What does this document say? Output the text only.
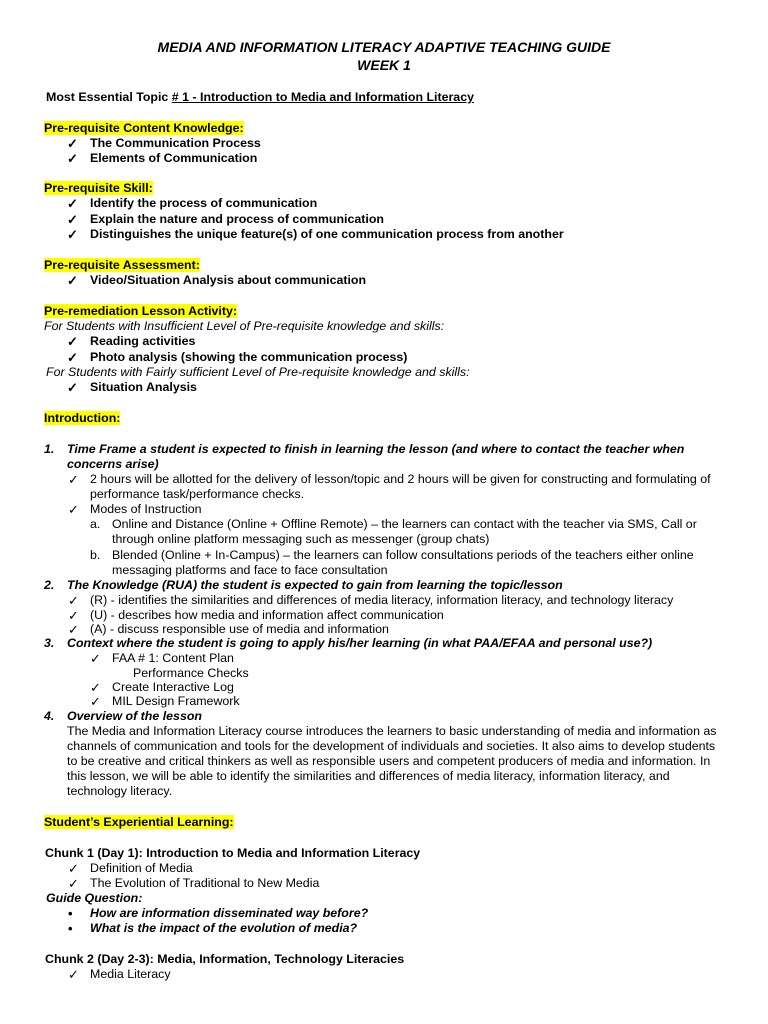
MEDIA AND INFORMATION LITERACY ADAPTIVE TEACHING GUIDE
WEEK 1
Most Essential Topic # 1 - Introduction to Media and Information Literacy
Pre-requisite Content Knowledge:
✓ The Communication Process
✓ Elements of Communication
Pre-requisite Skill:
✓ Identify the process of communication
✓ Explain the nature and process of communication
✓ Distinguishes the unique feature(s) of one communication process from another
Pre-requisite Assessment:
✓ Video/Situation Analysis about communication
Pre-remediation Lesson Activity:
For Students with Insufficient Level of Pre-requisite knowledge and skills:
✓ Reading activities
✓ Photo analysis (showing the communication process)
For Students with Fairly sufficient Level of Pre-requisite knowledge and skills:
✓ Situation Analysis
Introduction:
1. Time Frame a student is expected to finish in learning the lesson (and where to contact the teacher when
concerns arise)
✓ 2 hours will be allotted for the delivery of lesson/topic and 2 hours will be given for constructing and formulating of
performance task/performance checks.
✓ Modes of Instruction
a. Online and Distance (Online + Offline Remote) – the learners can contact with the teacher via SMS, Call or
through online platform messaging such as messenger (group chats)
b. Blended (Online + In-Campus) – the learners can follow consultations periods of the teachers either online
messaging platforms and face to face consultation
2. The Knowledge (RUA) the student is expected to gain from learning the topic/lesson
✓ (R) - identifies the similarities and differences of media literacy, information literacy, and technology literacy
✓ (U) - describes how media and information affect communication
✓ (A) - discuss responsible use of media and information
3. Context where the student is going to apply his/her learning (in what PAA/EFAA and personal use?)
✓ FAA # 1: Content Plan
Performance Checks
✓ Create Interactive Log
✓ MIL Design Framework
4. Overview of the lesson
The Media and Information Literacy course introduces the learners to basic understanding of media and information as
channels of communication and tools for the development of individuals and societies. It also aims to develop students
to be creative and critical thinkers as well as responsible users and competent producers of media and information. In
this lesson, we will be able to identify the similarities and differences of media literacy, information literacy, and
technology literacy.
Student’s Experiential Learning:
Chunk 1 (Day 1): Introduction to Media and Information Literacy
✓ Definition of Media
✓ The Evolution of Traditional to New Media
Guide Question:
• How are information disseminated way before?
• What is the impact of the evolution of media?
Chunk 2 (Day 2-3): Media, Information, Technology Literacies
✓ Media Literacy
